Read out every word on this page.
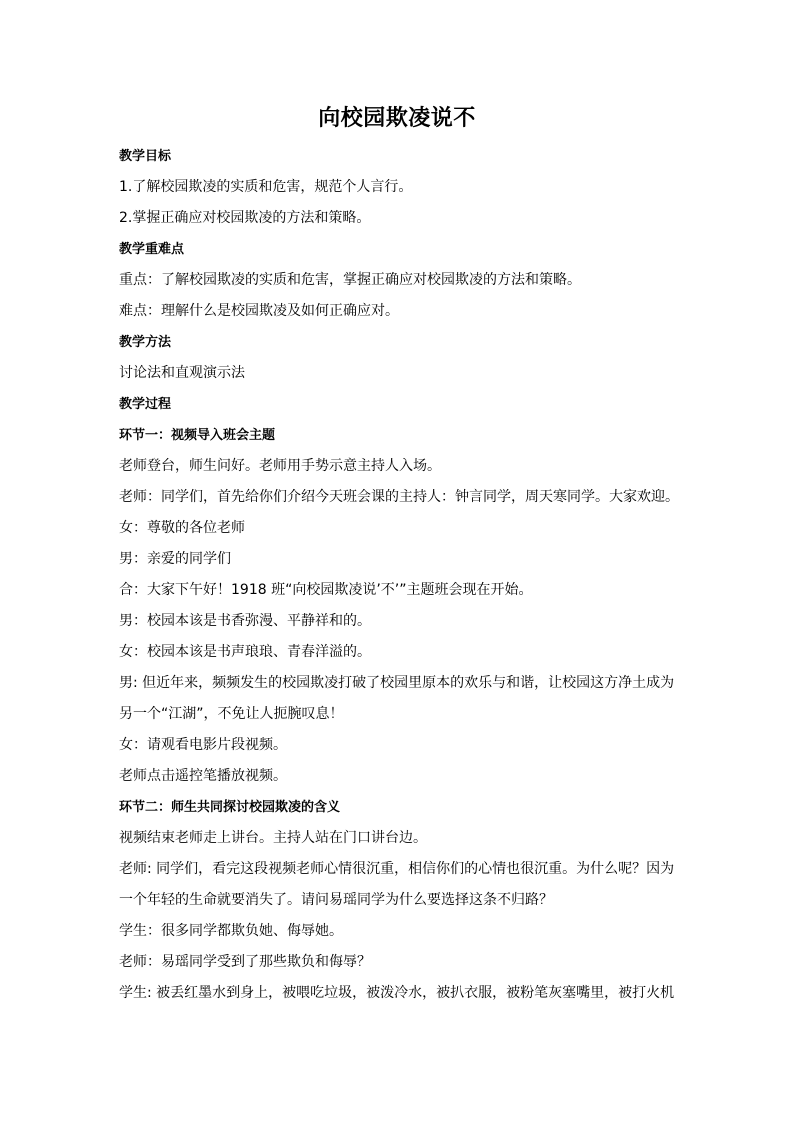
向校园欺凌说不
教学目标
1.了解校园欺凌的实质和危害，规范个人言行。
2.掌握正确应对校园欺凌的方法和策略。
教学重难点
重点：了解校园欺凌的实质和危害，掌握正确应对校园欺凌的方法和策略。
难点：理解什么是校园欺凌及如何正确应对。
教学方法
讨论法和直观演示法
教学过程
环节一：视频导入班会主题
老师登台，师生问好。老师用手势示意主持人入场。
老师：同学们，首先给你们介绍今天班会课的主持人：钟言同学，周天寒同学。大家欢迎。
女：尊敬的各位老师
男：亲爱的同学们
合：大家下午好！1918 班“向校园欺凌说’不’”主题班会现在开始。
男：校园本该是书香弥漫、平静祥和的。
女：校园本该是书声琅琅、青春洋溢的。
男: 但近年来，频频发生的校园欺凌打破了校园里原本的欢乐与和谐，让校园这方净土成为
另一个“江湖”，不免让人扼腕叹息！
女：请观看电影片段视频。
老师点击遥控笔播放视频。
环节二：师生共同探讨校园欺凌的含义
视频结束老师走上讲台。主持人站在门口讲台边。
老师: 同学们，看完这段视频老师心情很沉重，相信你们的心情也很沉重。为什么呢？因为
一个年轻的生命就要消失了。请问易瑶同学为什么要选择这条不归路？
学生：很多同学都欺负她、侮辱她。
老师：易瑶同学受到了那些欺负和侮辱？
学生: 被丢红墨水到身上，被喂吃垃圾，被泼冷水，被扒衣服，被粉笔灰塞嘴里，被打火机
